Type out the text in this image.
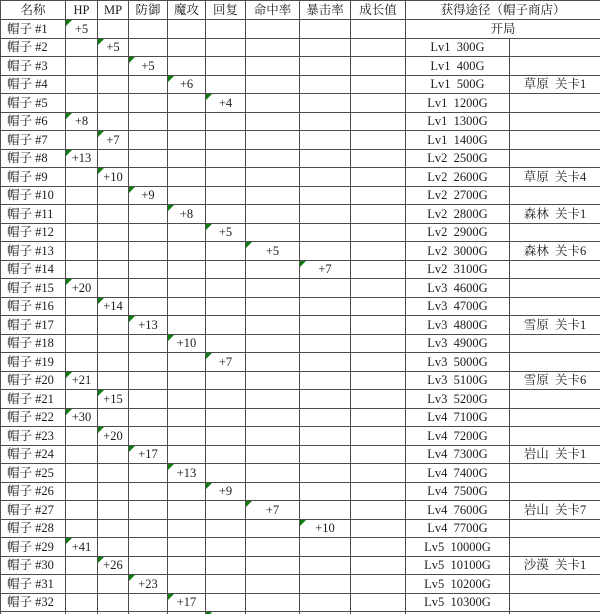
名称	HP	MP	防御	魔攻	回复	命中率	暴击率	成长值	获得途径（帽子商店）	
帽子 #1	+5								开局	
帽子 #2		+5							Lv1  300G	
帽子 #3			+5						Lv1  400G	
帽子 #4				+6					Lv1  500G	草原  关卡1
帽子 #5					+4				Lv1  1200G	
帽子 #6	+8								Lv1  1300G	
帽子 #7		+7							Lv1  1400G	
帽子 #8	+13								Lv2  2500G	
帽子 #9		+10							Lv2  2600G	草原  关卡4
帽子 #10			+9						Lv2  2700G	
帽子 #11				+8					Lv2  2800G	森林  关卡1
帽子 #12					+5				Lv2  2900G	
帽子 #13						+5			Lv2  3000G	森林  关卡6
帽子 #14							+7		Lv2  3100G	
帽子 #15	+20								Lv3  4600G	
帽子 #16		+14							Lv3  4700G	
帽子 #17			+13						Lv3  4800G	雪原  关卡1
帽子 #18				+10					Lv3  4900G	
帽子 #19					+7				Lv3  5000G	
帽子 #20	+21								Lv3  5100G	雪原  关卡6
帽子 #21		+15							Lv3  5200G	
帽子 #22	+30								Lv4  7100G	
帽子 #23		+20							Lv4  7200G	
帽子 #24			+17						Lv4  7300G	岩山  关卡1
帽子 #25				+13					Lv4  7400G	
帽子 #26					+9				Lv4  7500G	
帽子 #27						+7			Lv4  7600G	岩山  关卡7
帽子 #28							+10		Lv4  7700G	
帽子 #29	+41								Lv5  10000G	
帽子 #30		+26							Lv5  10100G	沙漠  关卡1
帽子 #31			+23						Lv5  10200G	
帽子 #32				+17					Lv5  10300G	
